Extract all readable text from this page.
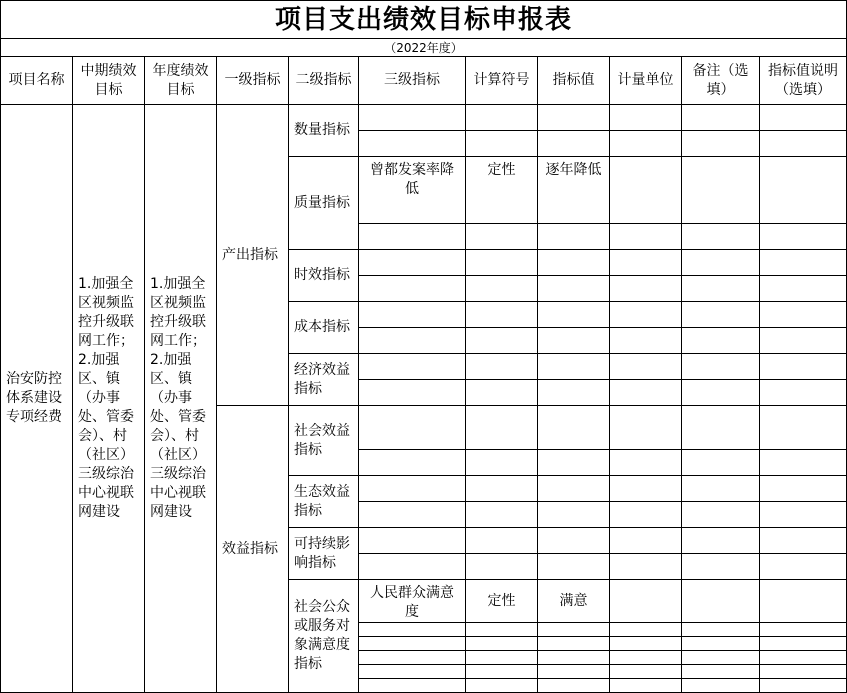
项目支出绩效目标申报表										
（2022年度）										
项目名称	中期绩效目标	年度绩效目标	一级指标	二级指标	三级指标	计算符号	指标值	计量单位	备注（选填）	指标值说明（选填）
治安防控体系建设专项经费	1.加强全区视频监控升级联网工作；2.加强区、镇（办事处、管委会）、村（社区）三级综治中心视联网建设	1.加强全区视频监控升级联网工作；2.加强区、镇（办事处、管委会）、村（社区）三级综治中心视联网建设	产出指标	数量指标						

				质量指标	曾都发案率降低	定性	逐年降低			

				时效指标						

				成本指标						

				经济效益指标						

			效益指标	社会效益指标						

				生态效益指标						

				可持续影响指标						

				社会公众或服务对象满意度指标	人民群众满意度	定性	满意			
